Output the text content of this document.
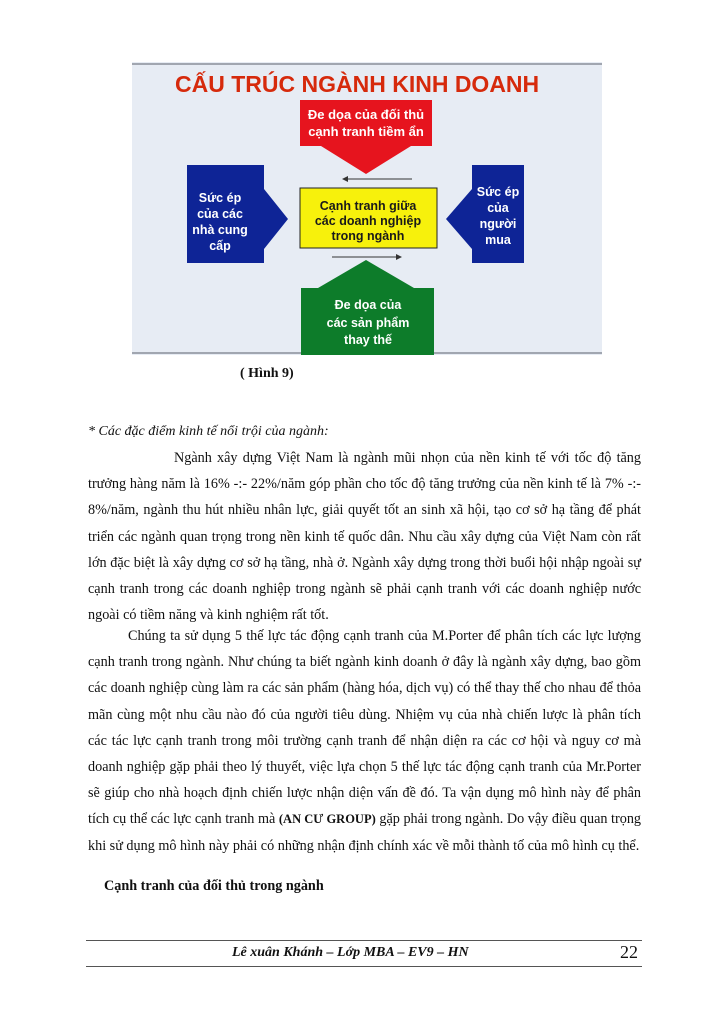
CẤU TRÚC NGÀNH KINH DOANH
Đe dọa của đối thủ
cạnh tranh tiềm ẩn
Sức ép
của các
nhà cung
cấp
Sức ép
của
người
mua
Cạnh tranh giữa
các doanh nghiệp
trong ngành
Đe dọa của
các sản phẩm
thay thế
( Hình 9)
* Các đặc điểm kinh tế nổi trội của ngành:
Ngành xây dựng Việt Nam là ngành mũi nhọn của nền kinh tế với tốc độ tăng trưởng hàng năm là 16% -:- 22%/năm góp phần cho tốc độ tăng trưởng của nền kinh tế là 7% -:- 8%/năm, ngành thu hút nhiều nhân lực, giải quyết tốt an sinh xã hội, tạo cơ sở hạ tầng để phát triển các ngành quan trọng trong nền kinh tế quốc dân. Nhu cầu xây dựng của Việt Nam còn rất lớn đặc biệt là xây dựng cơ sở hạ tầng, nhà ở. Ngành xây dựng trong thời buổi hội nhập ngoài sự cạnh tranh trong các doanh nghiệp trong ngành sẽ phải cạnh tranh với các doanh nghiệp nước ngoài có tiềm năng và kinh nghiệm rất tốt.
Chúng ta sử dụng 5 thế lực tác động cạnh tranh của M.Porter để phân tích các lực lượng cạnh tranh trong ngành. Như chúng ta biết ngành kinh doanh ở đây là ngành xây dựng, bao gồm các doanh nghiệp cùng làm ra các sản phẩm (hàng hóa, dịch vụ) có thể thay thế cho nhau để thỏa mãn cùng một nhu cầu nào đó của người tiêu dùng. Nhiệm vụ của nhà chiến lược là phân tích các tác lực cạnh tranh trong môi trường cạnh tranh để nhận diện ra các cơ hội và nguy cơ mà doanh nghiệp gặp phải theo lý thuyết, việc lựa chọn 5 thế lực tác động cạnh tranh của Mr.Porter sẽ giúp cho nhà hoạch định chiến lược nhận diện vấn đề đó. Ta vận dụng mô hình này để phân tích cụ thể các lực cạnh tranh mà (AN CƯ GROUP) gặp phải trong ngành. Do vậy điều quan trọng khi sử dụng mô hình này phải có những nhận định chính xác về mỗi thành tố của mô hình cụ thể.
Cạnh tranh của đối thủ trong ngành
Lê xuân Khánh – Lớp MBA – EV9 – HN	22
